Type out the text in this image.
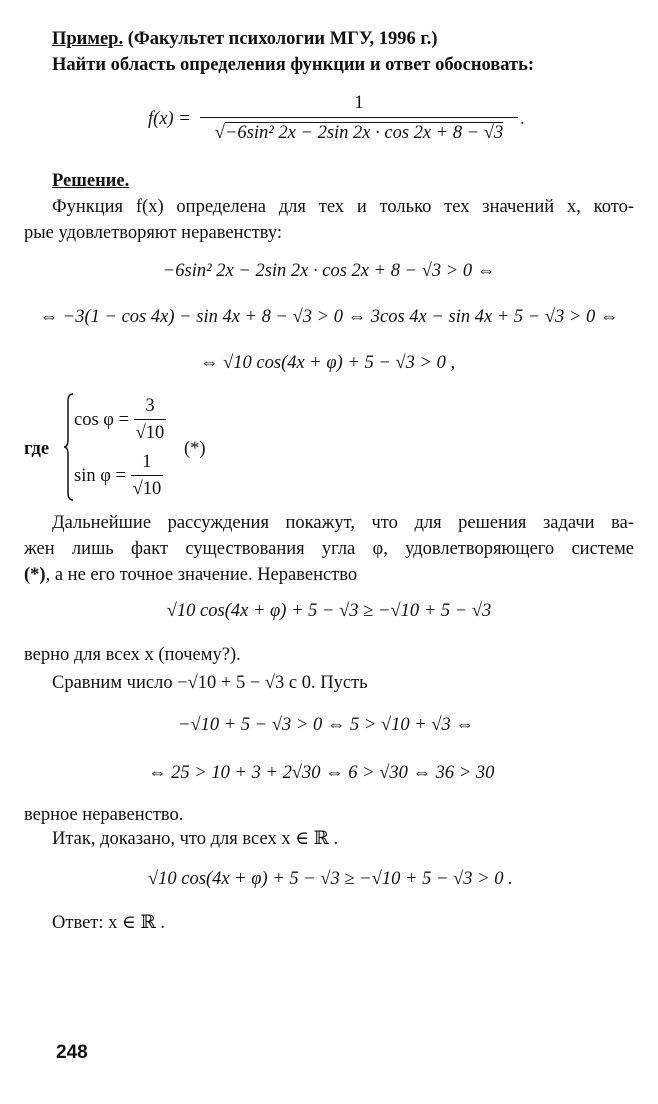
Пример. (Факультет психологии МГУ, 1996 г.)
Найти область определения функции и ответ обосновать:
f(x) =
1
√−6sin² 2x − 2sin 2x · cos 2x + 8 − √3
.
Решение.
Функция f(x) определена для тех и только тех значений x, кото-
рые удовлетворяют неравенству:
−6sin² 2x − 2sin 2x · cos 2x + 8 − √3 > 0 ⇔
⇔ −3(1 − cos 4x) − sin 4x + 8 − √3 > 0 ⇔ 3cos 4x − sin 4x + 5 − √3 > 0 ⇔
⇔ √10 cos(4x + φ) + 5 − √3 > 0 ,
где
$\cos \varphi = \frac{3}{√10}$
$\sin \varphi = \frac{1}{√10}$ (*)
Дальнейшие рассуждения покажут, что для решения задачи ва-
жен лишь факт существования угла φ, удовлетворяющего системе
(*), а не его точное значение. Неравенство
√10 cos(4x + φ) + 5 − √3 ≥ −√10 + 5 − √3
верно для всех x (почему?).
Сравним число −√10 + 5 − √3 с 0. Пусть
−√10 + 5 − √3 > 0 ⇔ 5 > √10 + √3 ⇔
⇔ 25 > 10 + 3 + 2√30 ⇔ 6 > √30 ⇔ 36 > 30
верное неравенство.
Итак, доказано, что для всех x ∈ ℝ .
√10 cos(4x + φ) + 5 − √3 ≥ −√10 + 5 − √3 > 0 .
Ответ: x ∈ ℝ .
248
